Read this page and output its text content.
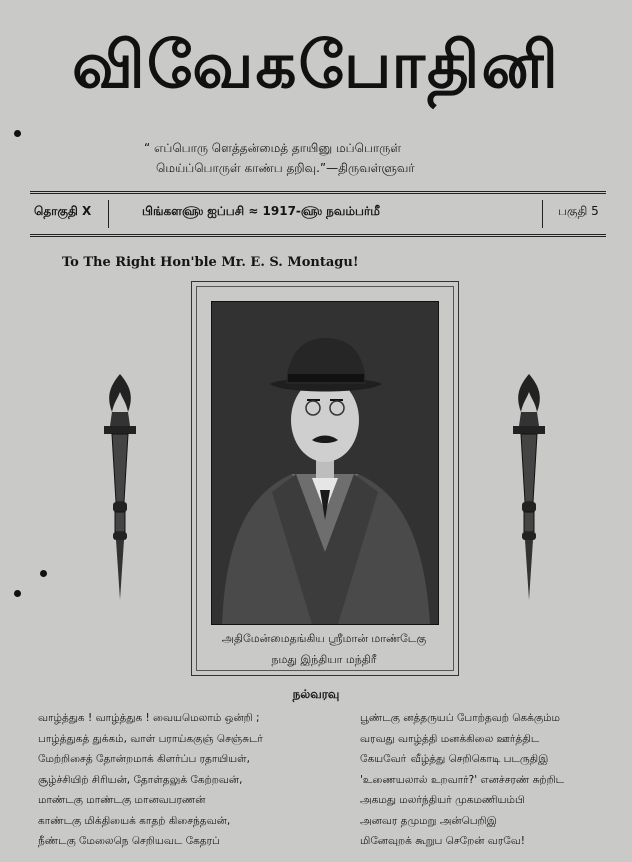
விவேகபோதினி
“ எப்பொரு ளெத்தன்மைத் தாயினு மப்பொருள்
மெய்ப்பொருள் காண்ப தறிவு.”—திருவள்ளுவர்
தொகுதி X	பிங்கள௵ ஐப்பசி ≈ 1917-௵ நவம்பர்மீ	பகுதி 5
To The Right Hon'ble Mr. E. S. Montagu!
அதிமேன்மைதங்கிய ஸ்ரீமான் மாண்டேகு
நமது இந்தியா மந்திரீ
நல்வரவு
வாழ்த்துக ! வாழ்த்துக ! வையமெலாம் ஒன்றி ;
பாழ்த்துகத் துக்கம், வாள் பராய்ககுஞ் செஞ்சுடர்
மேற்றிசைத் தோன்றமாக் கிளர்ப்ப ரதாயியள்,
சூழ்ச்சியிற் சிரியன், தோள்தலுக் கேற்றவன்,
மாண்டகு மாண்டகு மானவபரணன்
காண்டகு மிக்தியைக் காதற் கிசைந்தவன்,
நீண்டகு மேலைநெ செறியவட கேதரப்
பூண்டகு னத்தருயப் போற்தவற் கெக்கும்ம
வரவது வாழ்த்தி மனக்கிலை ஊர்த்திட
கேயவோ் வீழ்த்து செறிகொடி படருதிஇ
'உணையலால் உறவார்?' எனச்சரண் சுற்றிட
அகமது மலர்ந்தியர் முகமணியம்பி
அனவர தமுமறு அன்பெறிஇ
மினேவுறக் கூறுப செறேன் வரவே!
